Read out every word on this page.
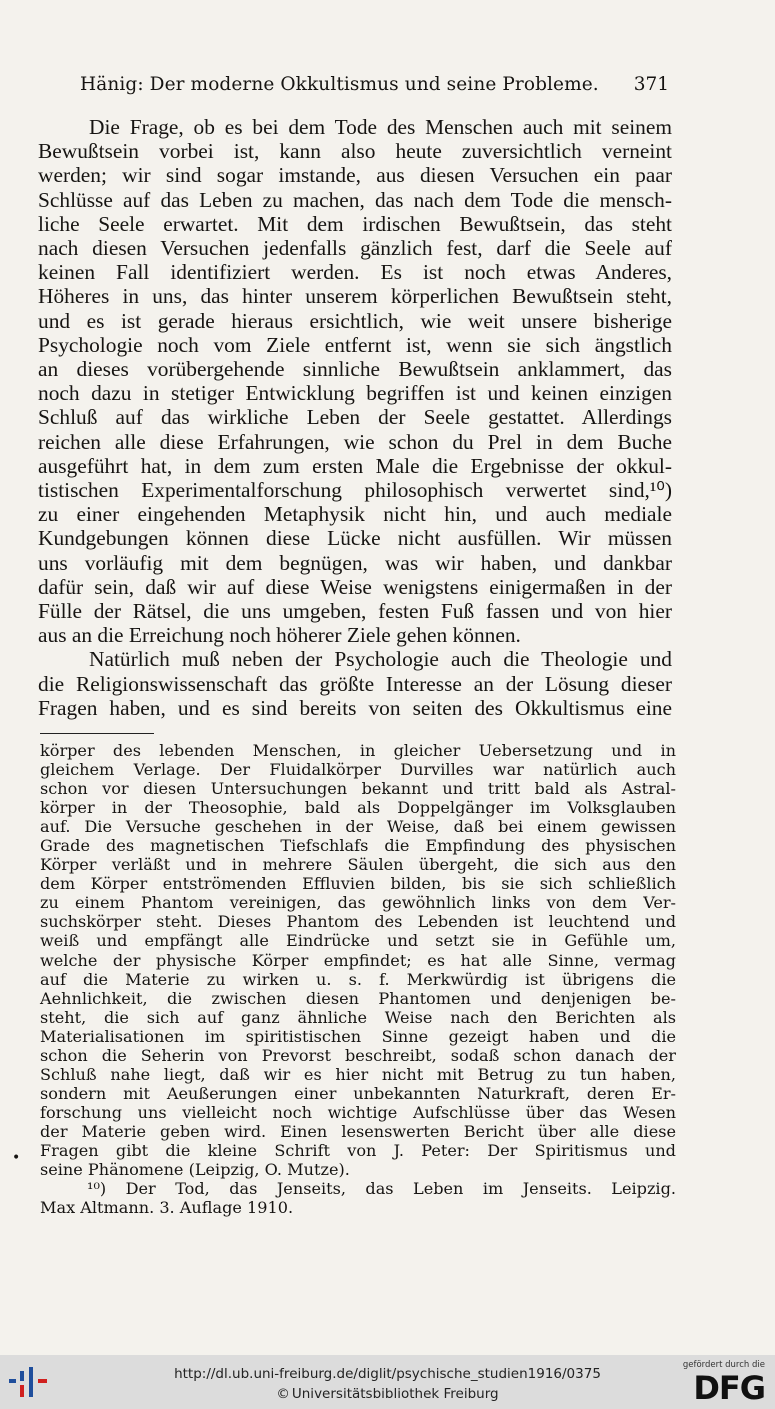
Hänig: Der moderne Okkultismus und seine Probleme. 371
Die Frage, ob es bei dem Tode des Menschen auch mit seinem
Bewußtsein vorbei ist, kann also heute zuversichtlich verneint
werden; wir sind sogar imstande, aus diesen Versuchen ein paar
Schlüsse auf das Leben zu machen, das nach dem Tode die mensch-
liche Seele erwartet. Mit dem irdischen Bewußtsein, das steht
nach diesen Versuchen jedenfalls gänzlich fest, darf die Seele auf
keinen Fall identifiziert werden. Es ist noch etwas Anderes,
Höheres in uns, das hinter unserem körperlichen Bewußtsein steht,
und es ist gerade hieraus ersichtlich, wie weit unsere bisherige
Psychologie noch vom Ziele entfernt ist, wenn sie sich ängstlich
an dieses vorübergehende sinnliche Bewußtsein anklammert, das
noch dazu in stetiger Entwicklung begriffen ist und keinen einzigen
Schluß auf das wirkliche Leben der Seele gestattet. Allerdings
reichen alle diese Erfahrungen, wie schon du Prel in dem Buche
ausgeführt hat, in dem zum ersten Male die Ergebnisse der okkul-
tistischen Experimentalforschung philosophisch verwertet sind,¹⁰)
zu einer eingehenden Metaphysik nicht hin, und auch mediale
Kundgebungen können diese Lücke nicht ausfüllen. Wir müssen
uns vorläufig mit dem begnügen, was wir haben, und dankbar
dafür sein, daß wir auf diese Weise wenigstens einigermaßen in der
Fülle der Rätsel, die uns umgeben, festen Fuß fassen und von hier
aus an die Erreichung noch höherer Ziele gehen können.
Natürlich muß neben der Psychologie auch die Theologie und
die Religionswissenschaft das größte Interesse an der Lösung dieser
Fragen haben, und es sind bereits von seiten des Okkultismus eine
körper des lebenden Menschen, in gleicher Uebersetzung und in
gleichem Verlage. Der Fluidalkörper Durvilles war natürlich auch
schon vor diesen Untersuchungen bekannt und tritt bald als Astral-
körper in der Theosophie, bald als Doppelgänger im Volksglauben
auf. Die Versuche geschehen in der Weise, daß bei einem gewissen
Grade des magnetischen Tiefschlafs die Empfindung des physischen
Körper verläßt und in mehrere Säulen übergeht, die sich aus den
dem Körper entströmenden Effluvien bilden, bis sie sich schließlich
zu einem Phantom vereinigen, das gewöhnlich links von dem Ver-
suchskörper steht. Dieses Phantom des Lebenden ist leuchtend und
weiß und empfängt alle Eindrücke und setzt sie in Gefühle um,
welche der physische Körper empfindet; es hat alle Sinne, vermag
auf die Materie zu wirken u. s. f. Merkwürdig ist übrigens die
Aehnlichkeit, die zwischen diesen Phantomen und denjenigen be-
steht, die sich auf ganz ähnliche Weise nach den Berichten als
Materialisationen im spiritistischen Sinne gezeigt haben und die
schon die Seherin von Prevorst beschreibt, sodaß schon danach der
Schluß nahe liegt, daß wir es hier nicht mit Betrug zu tun haben,
sondern mit Aeußerungen einer unbekannten Naturkraft, deren Er-
forschung uns vielleicht noch wichtige Aufschlüsse über das Wesen
der Materie geben wird. Einen lesenswerten Bericht über alle diese
Fragen gibt die kleine Schrift von J. Peter: Der Spiritismus und
seine Phänomene (Leipzig, O. Mutze).
¹⁰) Der Tod, das Jenseits, das Leben im Jenseits. Leipzig.
Max Altmann. 3. Auflage 1910.
•
http://dl.ub.uni-freiburg.de/diglit/psychische_studien1916/0375
© Universitätsbibliothek Freiburg
gefördert durch die
DFG
